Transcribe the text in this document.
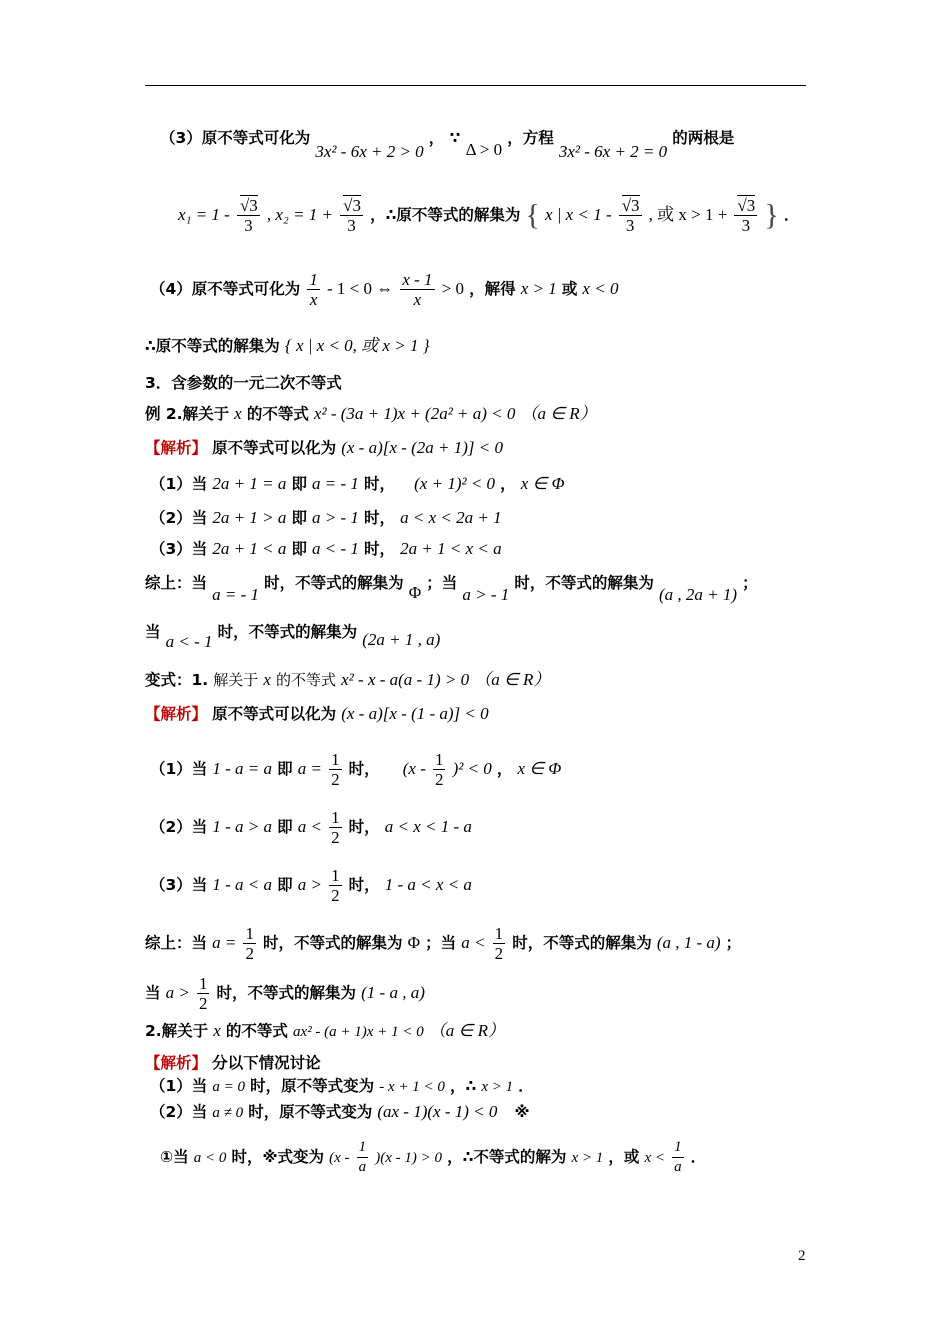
（3）原不等式可化为 3x² - 6x + 2 > 0 ， ∵ Δ > 0 ，方程 3x² - 6x + 2 = 0 的两根是
$x_1 = 1 - \frac{√3}{3}$ , $x_2 = 1 + \frac{√3}{3}$ ，∴原不等式的解集为 { x | $x < 1 - \frac{√3}{3}$ , 或 $x > 1 + \frac{√3}{3}$ } ．
（4）原不等式可化为 $\frac{1}{x} - 1 < 0$ ⇔ $\frac{x - 1}{x} > 0$ ，解得 x > 1 或 x < 0
∴原不等式的解集为 { x | x < 0, 或 x > 1 }
3．含参数的一元二次不等式
例 2.解关于 x 的不等式 x² - (3a + 1)x + (2a² + a) < 0 （a ∈ R）
【解析】 原不等式可以化为 (x - a)[x - (2a + 1)] < 0
（1）当 2a + 1 = a 即 a = - 1 时， (x + 1)² < 0 ， x ∈ Φ
（2）当 2a + 1 > a 即 a > - 1 时， a < x < 2a + 1
（3）当 2a + 1 < a 即 a < - 1 时， 2a + 1 < x < a
综上：当 a = - 1 时，不等式的解集为 Φ ；当 a > - 1 时，不等式的解集为 (a , 2a + 1) ；
当 a < - 1 时，不等式的解集为 (2a + 1 , a)
变式：1. 解关于 x 的不等式 x² - x - a(a - 1) > 0 （a ∈ R）
【解析】 原不等式可以化为 (x - a)[x - (1 - a)] < 0
（1）当 1 - a = a 即 $a = \frac{1}{2}$ 时， $(x - \frac{1}{2} )^2 < 0$ ， x ∈ Φ
（2）当 1 - a > a 即 $a < \frac{1}{2}$ 时， a < x < 1 - a
（3）当 1 - a < a 即 $a > \frac{1}{2}$ 时， 1 - a < x < a
综上：当 $a = \frac{1}{2}$ 时，不等式的解集为 Φ ；当 $a < \frac{1}{2}$ 时，不等式的解集为 (a , 1 - a) ；
当 $a > \frac{1}{2}$ 时，不等式的解集为 (1 - a , a)
2.解关于 x 的不等式 ax² - (a + 1)x + 1 < 0 （a ∈ R）
【解析】 分以下情况讨论
（1）当 a = 0 时，原不等式变为 - x + 1 < 0 ，∴ x > 1 ．
（2）当 a ≠ 0 时，原不等式变为 (ax - 1)(x - 1) < 0 ※
①当 a < 0 时，※式变为 $(x - \frac{1}{a} )(x - 1) > 0$ ，∴不等式的解为 x > 1 ，或 $x < \frac{1}{a}$ ．
2
